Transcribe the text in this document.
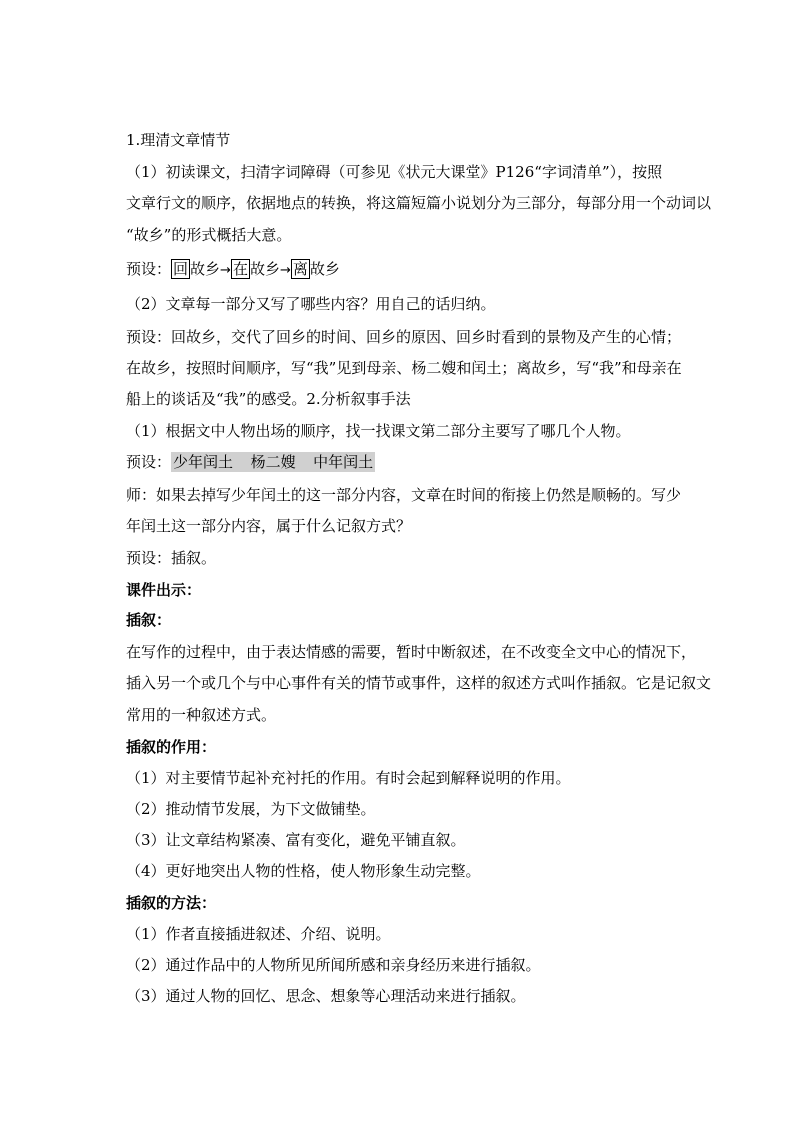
1.理清文章情节
（1）初读课文，扫清字词障碍（可参见《状元大课堂》P126“字词清单”），按照
文章行文的顺序，依据地点的转换，将这篇短篇小说划分为三部分，每部分用一个动词以
“故乡”的形式概括大意。
预设： 回 故乡→ 在 故乡→ 离 故乡
（2）文章每一部分又写了哪些内容？用自己的话归纳。
预设：回故乡，交代了回乡的时间、回乡的原因、回乡时看到的景物及产生的心情；
在故乡，按照时间顺序，写“我”见到母亲、杨二嫂和闰土；离故乡，写“我”和母亲在
船上的谈话及“我”的感受。2.分析叙事手法
（1）根据文中人物出场的顺序，找一找课文第二部分主要写了哪几个人物。
预设： 少年闰土 杨二嫂 中年闰土
师：如果去掉写少年闰土的这一部分内容，文章在时间的衔接上仍然是顺畅的。写少
年闰土这一部分内容，属于什么记叙方式？
预设：插叙。
课件出示：
插叙：
在写作的过程中，由于表达情感的需要，暂时中断叙述，在不改变全文中心的情况下，
插入另一个或几个与中心事件有关的情节或事件，这样的叙述方式叫作插叙。它是记叙文
常用的一种叙述方式。
插叙的作用：
（1）对主要情节起补充衬托的作用。有时会起到解释说明的作用。
（2）推动情节发展，为下文做铺垫。
（3）让文章结构紧凑、富有变化，避免平铺直叙。
（4）更好地突出人物的性格，使人物形象生动完整。
插叙的方法：
（1）作者直接插进叙述、介绍、说明。
（2）通过作品中的人物所见所闻所感和亲身经历来进行插叙。
（3）通过人物的回忆、思念、想象等心理活动来进行插叙。
